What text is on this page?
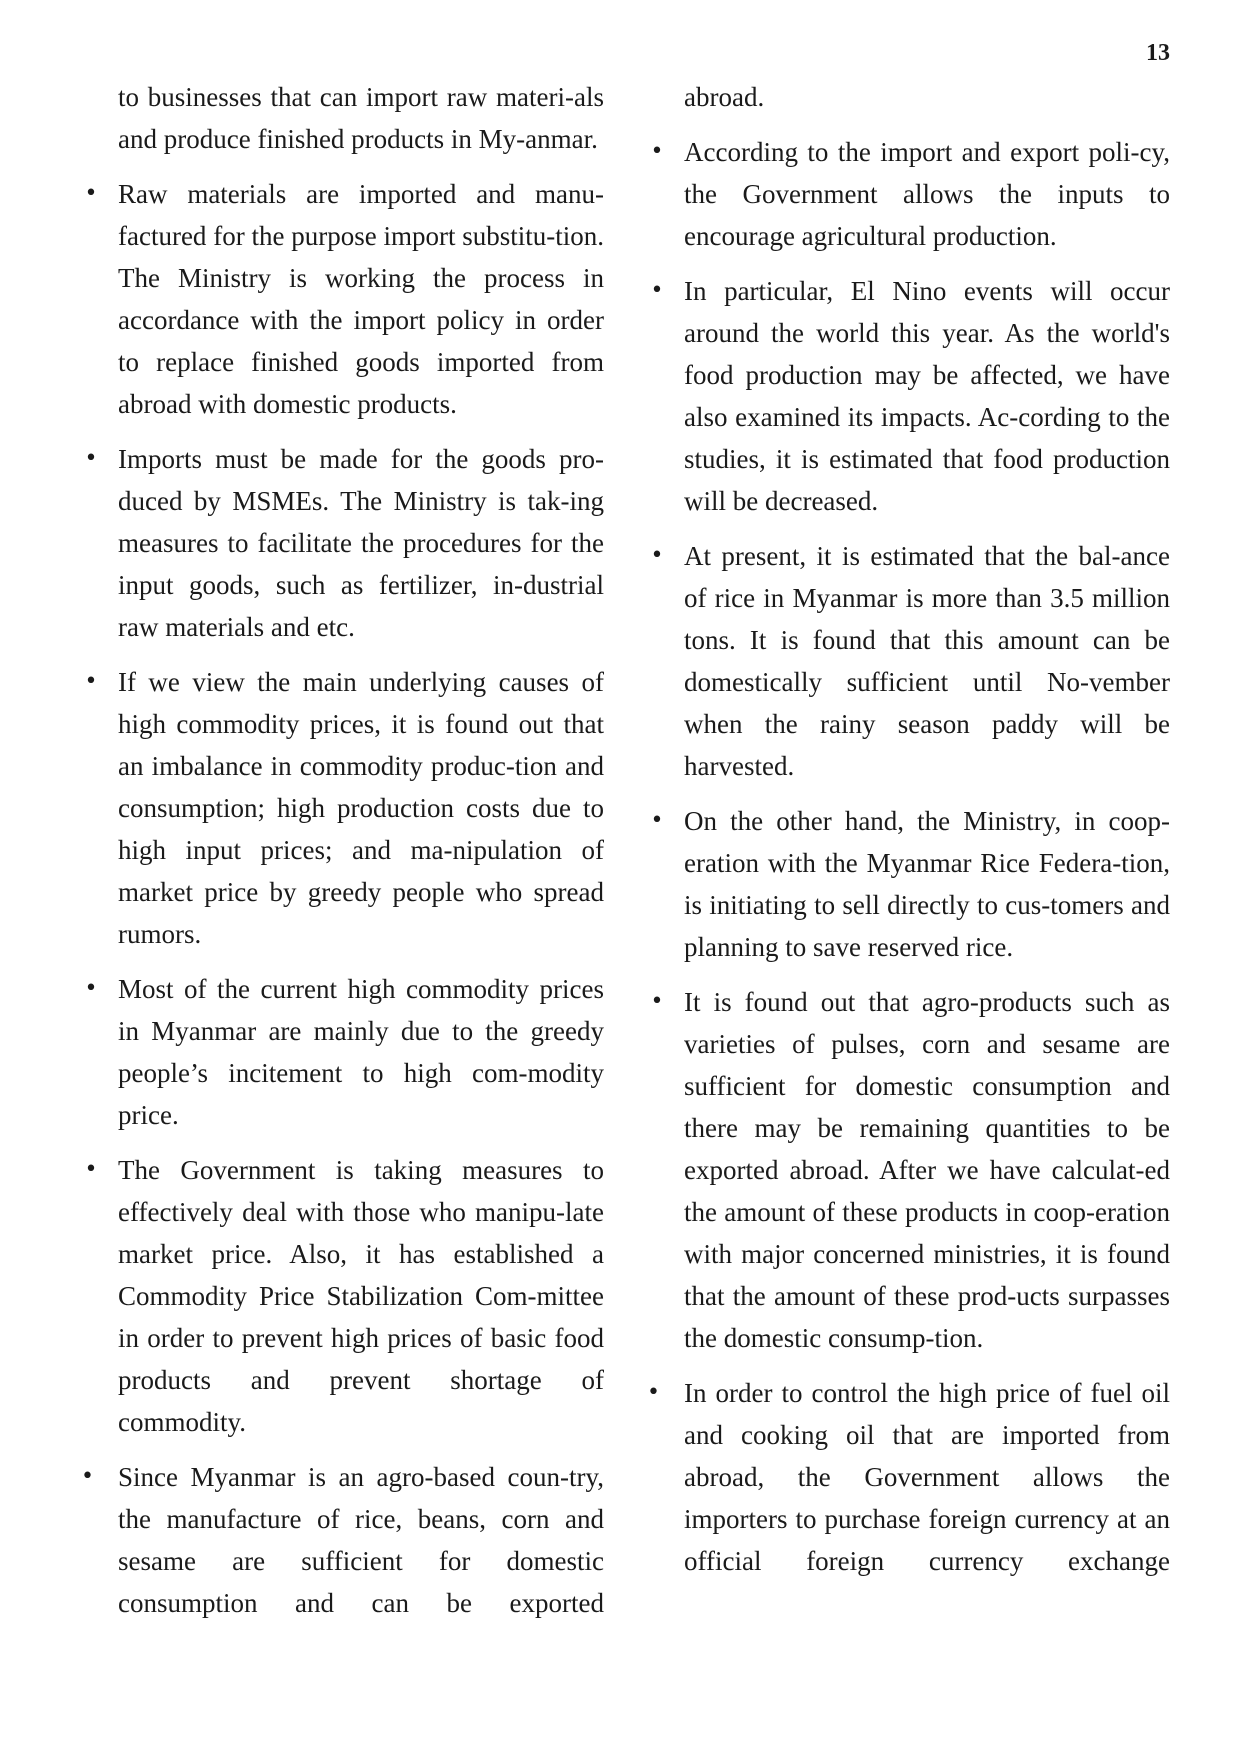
13

to businesses that can import raw materi-als and produce finished products in My-anmar.

• Raw materials are imported and manu-factured for the purpose import substitu-tion. The Ministry is working the process in accordance with the import policy in order to replace finished goods imported from abroad with domestic products.
• Imports must be made for the goods pro-duced by MSMEs. The Ministry is tak-ing measures to facilitate the procedures for the input goods, such as fertilizer, in-dustrial raw materials and etc.
• If we view the main underlying causes of high commodity prices, it is found out that an imbalance in commodity produc-tion and consumption; high production costs due to high input prices; and ma-nipulation of market price by greedy people who spread rumors.
• Most of the current high commodity prices in Myanmar are mainly due to the greedy people’s incitement to high com-modity price.
• The Government is taking measures to effectively deal with those who manipu-late market price. Also, it has established a Commodity Price Stabilization Com-mittee in order to prevent high prices of basic food products and prevent shortage of commodity.
• Since Myanmar is an agro-based coun-try, the manufacture of rice, beans, corn and sesame are sufficient for domestic consumption and can be exported

abroad.

• According to the import and export poli-cy, the Government allows the inputs to encourage agricultural production.
• In particular, El Nino events will occur around the world this year. As the world's food production may be affected, we have also examined its impacts. Ac-cording to the studies, it is estimated that food production will be decreased.
• At present, it is estimated that the bal-ance of rice in Myanmar is more than 3.5 million tons. It is found that this amount can be domestically sufficient until No-vember when the rainy season paddy will be harvested.
• On the other hand, the Ministry, in coop-eration with the Myanmar Rice Federa-tion, is initiating to sell directly to cus-tomers and planning to save reserved rice.
• It is found out that agro-products such as varieties of pulses, corn and sesame are sufficient for domestic consumption and there may be remaining quantities to be exported abroad. After we have calculat-ed the amount of these products in coop-eration with major concerned ministries, it is found that the amount of these prod-ucts surpasses the domestic consump-tion.
• In order to control the high price of fuel oil and cooking oil that are imported from abroad, the Government allows the importers to purchase foreign currency at an official foreign currency exchange
